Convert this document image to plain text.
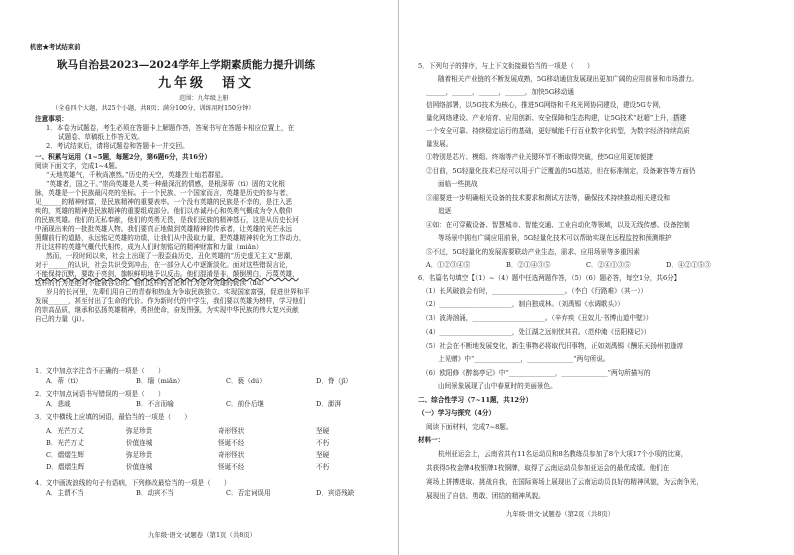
机密★考试结束前
耿马自治县2023—2024学年上学期素质能力提升训练
九年级　语文
范围：九年级上册
（全卷四个大题，共25个小题，共8页；满分100分，训练用时150分钟）
注意事项：
1．本卷为试题卷，考生必须在答题卡上解题作答，答案书写在答题卡相应位置上，在
试题卷、草稿纸上作答无效。
2．考试结束后，请将试题卷和答题卡一并交回。
一、积累与运用（1~5题，每题2分，第6题6分，共16分）
阅读下面文字，完成1~4题。
“天地英雄气，千秋尚凛然。”历史的天空，英雄烈士灿若群星。
“英雄者，国之干。”崇尚英雄是人类一种最深沉的情感，是根深蒂（tì）固的文化根
脉，英雄是一个民族最闪亮的坐标。于一个民族、一个国家而言，英雄是历史的参与者、
见______的精神财富，是民族精神的重要表率。一个没有英雄的民族是不幸的，是注入恶
疾的，英雄的精神是民族精神的重要组成部分。他们以赤诚丹心和英勇气概成为令人敬仰
的民族英雄。他们的无私奉献，他们的英勇无畏，是我们民族的精神基石，这是从历史长河
中涌现出来的一批批英雄人物。我们要真正地做到英雄精神的传承者，让英雄的光芒永远
照耀前行的道路，永远铭记英雄的功绩，让我们从中汲取力量，把英雄精神转化为工作动力，
并让这样的英雄气概代代相传，成为人们时刻铭记的精神财富和力量（miǎn）
然而，一段时间以来，社会上出现了一股歪曲历史、丑化英雄的“历史虚无主义”思潮，
对于______的认识，社会共识受到冲击，在一部分人心中逐渐淡化。面对这些错误言论，
不能保持沉默，要敢于亮剑，旗帜鲜明地予以反击。他们混淆是非，颠倒黑白，污蔑英雄，
这样的行为是绝对不能被容忍的。他们这样的言论和行为是对英雄的亵渎（dú）
岁月的长河里，先辈们用自己的青春和热血为争取民族独立、实现国家富强，促进世界和平
发展______，甚至付出了生命的代价。作为新时代的中学生，我们要以英雄为榜样，学习他们
的崇高品质，继承和弘扬英雄精神，勇担使命，奋发图强，为实现中华民族的伟大复兴贡献
自己的力量（jì）。
1．文中加点字注音不正确的一项是（　　）
A．蒂（tì）	B．缅（miǎn）	C．亵（dú）	D．脊（jǐ）
2．文中加点词语书写错误的一项是（　　）
A．悲戚	B．不言而喻	C．前仆后继	D．澎湃
3．文中横线上应填的词语，最恰当的一项是（　　）
A．光芒万丈	弥足珍贵	奇形怪状	坚硬
B．光芒万丈	价值连城	怪诞不经	不朽
C．熠熠生辉	弥足珍贵	奇形怪状	坚硬
D．熠熠生辉	价值连城	怪诞不经	不朽
4．文中画波浪线的句子有语病，下列修改最恰当的一项是（　　）
A．主谓不当	B．动宾不当	C．否定词误用	D．宾语残缺
九年级·语文·试题卷（第1页（共8页）
•
5．下列句子的排序，与上下文衔接最恰当的一项是（　　）
随着相关产业链的不断发展成熟，5G移动通信发展现出更加广阔的应用前景和市场潜力。
______，______，______，______，加快5G移动通
信网络部署，以5G技术为核心，推进5G网络和千兆光网协同建设，建设5G专网，
量化网络建设、产业培育、应用创新、安全保障和生态构建，让5G技术“赶超”上升，搭建
一个安全可靠、持续稳定运行的基础，更好赋能千行百业数字化转型，为数字经济持续高质
量发展。
①特别是芯片、模组、终端等产业关键环节不断取得突破，使5G应用更加便捷
②目前，5G轻量化技术已经可以用于广泛覆盖的5G基站，但在标准制定，设备兼容等方面仍
面临一些挑战
③需要进一步明确相关设备的技术要求和测试方法等，确保技术持续推动相关建设和
追逐
④如：在可穿戴设备、智慧城市、智能交通、工业自动化等领域，以及无线传感、设备控制
等场景中拥有广阔应用前景，5G轻量化技术可以帮助实现在远程监控和预测维护
⑤不过，5G轻量化的发展需要联动产业生态，需求、应用场景等多重因素
A．①②③④⑤	B．②①④③⑤	C．②④①③⑤	D．④②①⑤③
6．名篇名句填空【（1）~（4）题中任选两题作答，（5）（6）题必答，每空1分，共6分】
（1）长风破浪会有时，______________________。（李白《行路难》（其一））
（2）______________________，制自独成林。（刘禹锡《水调歌头》）
（3）波涛汹涌，______________________。（辛弃疾《丑奴儿·书博山道中壁》）
（4）______________________，处江湖之远则忧其君。（范仲淹《岳阳楼记》）
（5）社会在不断地发展变化，新生事物必将取代旧事物，正如刘禹锡《酬乐天扬州初逢席
上见赠》中“______________，______________”两句所说。
（6）欧阳修《醉翁亭记》中“______________，______________”两句所描写的
山间景象展现了山中春夏时的美丽景色。
二、综合性学习（7~11题，共12分）
（一）学习与探究（4分）
阅读下面材料，完成7~8题。
材料一：
杭州亚运会上，云南省共有11名运动员和8名教练员参加了8个大项17个小项的比赛，
共获得5枚金牌4枚银牌1枚铜牌，取得了云南运动员参加亚运会的最优成绩。他们在
赛场上拼搏进取、挑战自我，在国际赛场上展现出了云南运动员良好的精神风貌，为云南争光，
展现出了自信、勇敢、团结的精神风貌。
九年级·语文·试题卷（第2页（共8页）
